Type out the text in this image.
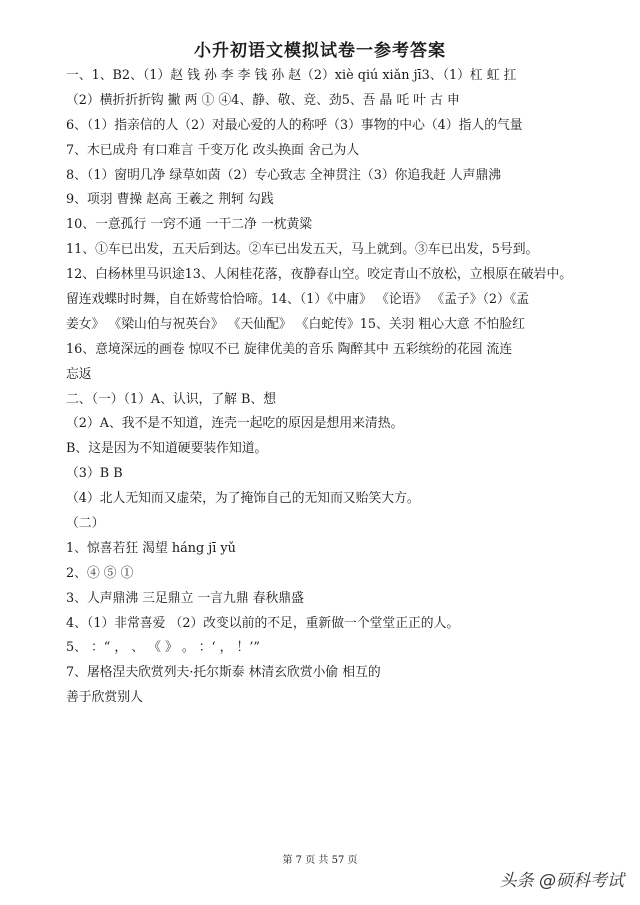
小升初语文模拟试卷一参考答案
一、1、B2、（1）赵 钱 孙 李 李 钱 孙 赵（2）xiè qiú xiǎn jī3、（1）杠 虹 扛
（2）横折折折钩 撇 两 ① ④4、静、敬、竞、劲5、吾 晶 吒 叶 古 申
6、（1）指亲信的人（2）对最心爱的人的称呼（3）事物的中心（4）指人的气量
7、木已成舟 有口难言 千变万化 改头换面 舍己为人
8、（1）窗明几净 绿草如茵（2）专心致志 全神贯注（3）你追我赶 人声鼎沸
9、项羽 曹操 赵高 王羲之 荆轲 勾践
10、一意孤行 一窍不通 一干二净 一枕黄粱
11、①车已出发，五天后到达。②车已出发五天，马上就到。③车已出发，5号到。
12、白杨林里马识途13、人闲桂花落，夜静春山空。咬定青山不放松，立根原在破岩中。
留连戏蝶时时舞，自在娇莺恰恰啼。14、（1）《中庸》 《论语》 《孟子》（2）《孟
姜女》 《梁山伯与祝英台》 《天仙配》 《白蛇传》15、关羽 粗心大意 不怕脸红
16、意境深远的画卷 惊叹不已 旋律优美的音乐 陶醉其中 五彩缤纷的花园 流连
忘返
二、（一）（1）A、认识，了解 B、想
（2）A、我不是不知道，连壳一起吃的原因是想用来清热。
B、这是因为不知道硬要装作知道。
（3）B B
（4）北人无知而又虚荣，为了掩饰自己的无知而又贻笑大方。
（二）
1、惊喜若狂 渴望 háng jī yǔ
2、④ ⑤ ①
3、人声鼎沸 三足鼎立 一言九鼎 春秋鼎盛
4、（1）非常喜爱 （2）改变以前的不足，重新做一个堂堂正正的人。
5、 ：“ ， 、 《 》 。 ：‘ ， ！’”
7、屠格涅夫欣赏列夫·托尔斯泰 林清玄欣赏小偷 相互的
善于欣赏别人
第 7 页 共 57 页
头条 @硕科考试
